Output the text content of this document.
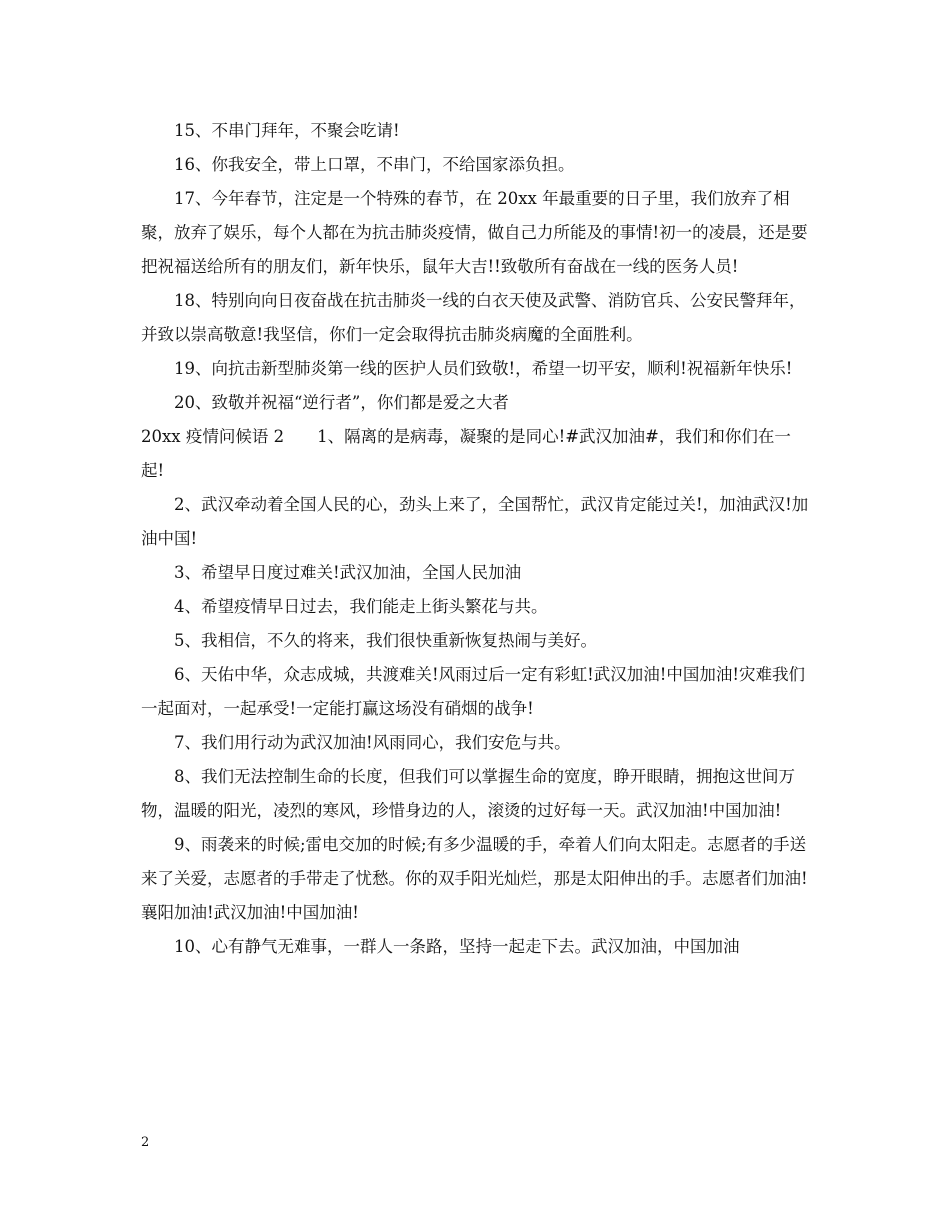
15、不串门拜年，不聚会吃请!

16、你我安全，带上口罩，不串门，不给国家添负担。

17、今年春节，注定是一个特殊的春节，在 20xx 年最重要的日子里，我们放弃了相聚，放弃了娱乐，每个人都在为抗击肺炎疫情，做自己力所能及的事情!初一的凌晨，还是要把祝福送给所有的朋友们，新年快乐，鼠年大吉!!致敬所有奋战在一线的医务人员!

18、特别向向日夜奋战在抗击肺炎一线的白衣天使及武警、消防官兵、公安民警拜年，并致以崇高敬意!我坚信，你们一定会取得抗击肺炎病魔的全面胜利。

19、向抗击新型肺炎第一线的医护人员们致敬!，希望一切平安，顺利!祝福新年快乐!

20、致敬并祝福“逆行者”，你们都是爱之大者

20xx 疫情问候语 2　　1、隔离的是病毒，凝聚的是同心!#武汉加油#，我们和你们在一起!

2、武汉牵动着全国人民的心，劲头上来了，全国帮忙，武汉肯定能过关!，加油武汉!加油中国!

3、希望早日度过难关!武汉加油，全国人民加油

4、希望疫情早日过去，我们能走上街头繁花与共。

5、我相信，不久的将来，我们很快重新恢复热闹与美好。

6、天佑中华，众志成城，共渡难关!风雨过后一定有彩虹!武汉加油!中国加油!灾难我们一起面对，一起承受!一定能打赢这场没有硝烟的战争!

7、我们用行动为武汉加油!风雨同心，我们安危与共。

8、我们无法控制生命的长度，但我们可以掌握生命的宽度，睁开眼睛，拥抱这世间万物，温暖的阳光，凌烈的寒风，珍惜身边的人，滚烫的过好每一天。武汉加油!中国加油!

9、雨袭来的时候;雷电交加的时候;有多少温暖的手，牵着人们向太阳走。志愿者的手送来了关爱，志愿者的手带走了忧愁。你的双手阳光灿烂，那是太阳伸出的手。志愿者们加油!襄阳加油!武汉加油!中国加油!

10、心有静气无难事，一群人一条路，坚持一起走下去。武汉加油，中国加油

2
